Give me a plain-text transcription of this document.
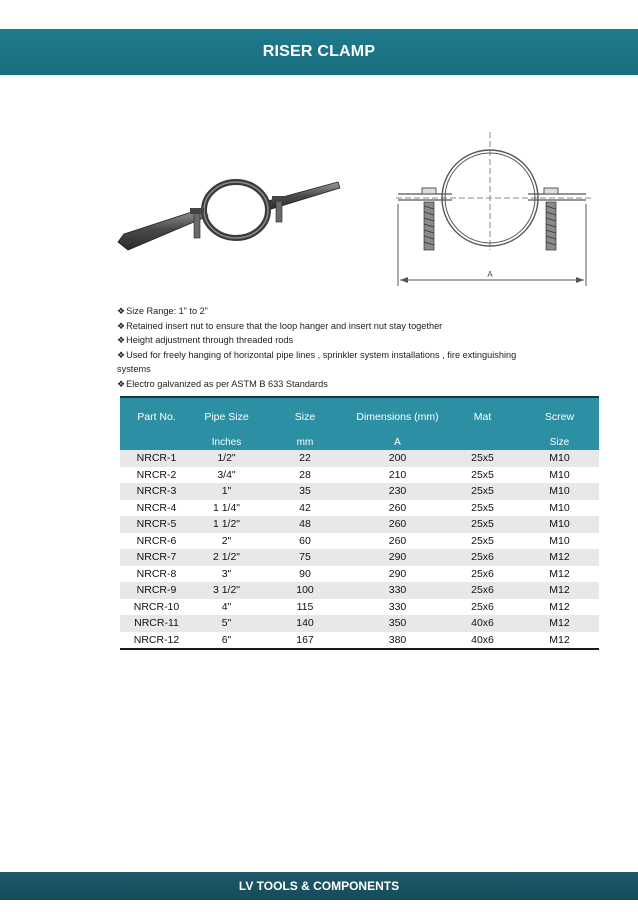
RISER CLAMP
A

❖Size Range: 1” to 2”

❖Retained insert nut to ensure that the loop hanger and insert nut stay together

❖Height adjustment through threaded rods

❖Used for freely hanging of horizontal pipe lines , sprinkler system installations , fire extinguishing systems

❖Electro galvanized as per ASTM B 633 Standards

Part No.	Pipe Size	Size	Dimensions (mm)	Mat	Screw
	Inches	mm	A		Size
NRCR-1	1/2"	22	200	25x5	M10
NRCR-2	3/4"	28	210	25x5	M10
NRCR-3	1"	35	230	25x5	M10
NRCR-4	1 1/4"	42	260	25x5	M10
NRCR-5	1 1/2"	48	260	25x5	M10
NRCR-6	2"	60	260	25x5	M10
NRCR-7	2 1/2"	75	290	25x6	M12
NRCR-8	3"	90	290	25x6	M12
NRCR-9	3 1/2"	100	330	25x6	M12
NRCR-10	4"	115	330	25x6	M12
NRCR-11	5"	140	350	40x6	M12
NRCR-12	6"	167	380	40x6	M12
LV TOOLS & COMPONENTS
